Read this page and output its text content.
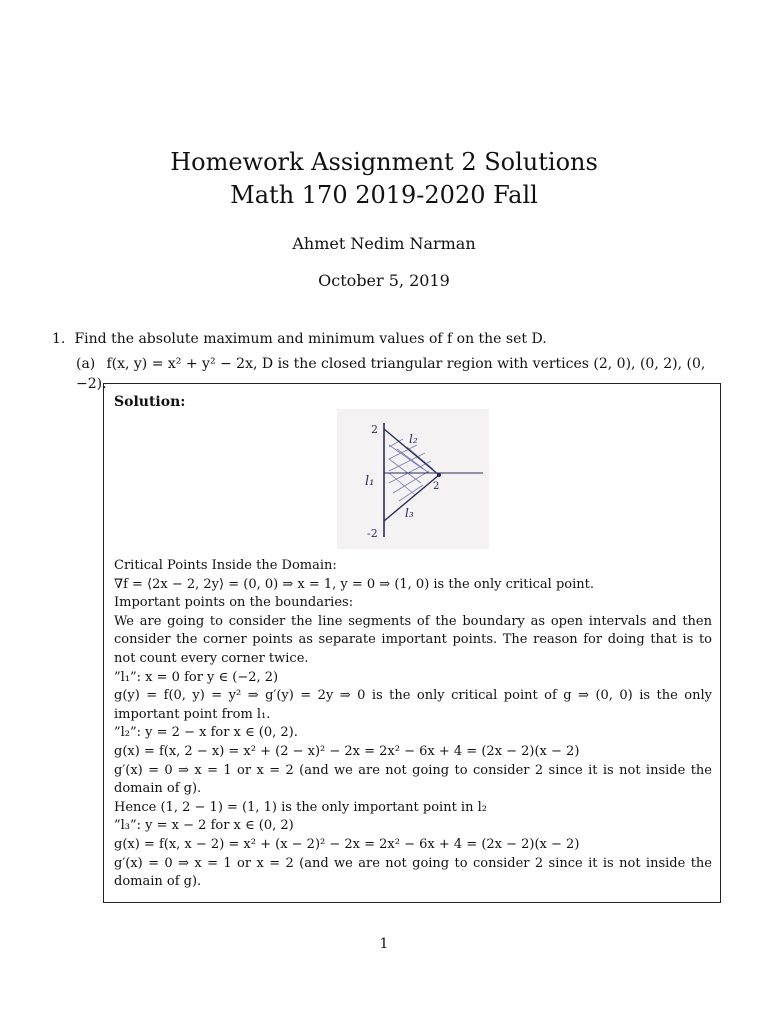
Homework Assignment 2 Solutions
Math 170 2019-2020 Fall
Ahmet Nedim Narman
October 5, 2019
1. Find the absolute maximum and minimum values of f on the set D.
(a) f(x, y) = x² + y² − 2x, D is the closed triangular region with vertices (2, 0), (0, 2), (0, −2).
Solution:
2
-2
2
l₁
l₂
l₃

Critical Points Inside the Domain:

∇f = ⟨2x − 2, 2y⟩ = (0, 0) ⇒ x = 1, y = 0 ⇒ (1, 0) is the only critical point.

Important points on the boundaries:

We are going to consider the line segments of the boundary as open intervals and then consider the corner points as separate important points. The reason for doing that is to not count every corner twice.

”l₁”: x = 0 for y ∈ (−2, 2)

g(y) = f(0, y) = y² ⇒ g′(y) = 2y ⇒ 0 is the only critical point of g ⇒ (0, 0) is the only important point from l₁.

”l₂”: y = 2 − x for x ∈ (0, 2).

g(x) = f(x, 2 − x) = x² + (2 − x)² − 2x = 2x² − 6x + 4 = (2x − 2)(x − 2)

g′(x) = 0 ⇒ x = 1 or x = 2 (and we are not going to consider 2 since it is not inside the domain of g).

Hence (1, 2 − 1) = (1, 1) is the only important point in l₂

”l₃”: y = x − 2 for x ∈ (0, 2)

g(x) = f(x, x − 2) = x² + (x − 2)² − 2x = 2x² − 6x + 4 = (2x − 2)(x − 2)

g′(x) = 0 ⇒ x = 1 or x = 2 (and we are not going to consider 2 since it is not inside the domain of g).

1
